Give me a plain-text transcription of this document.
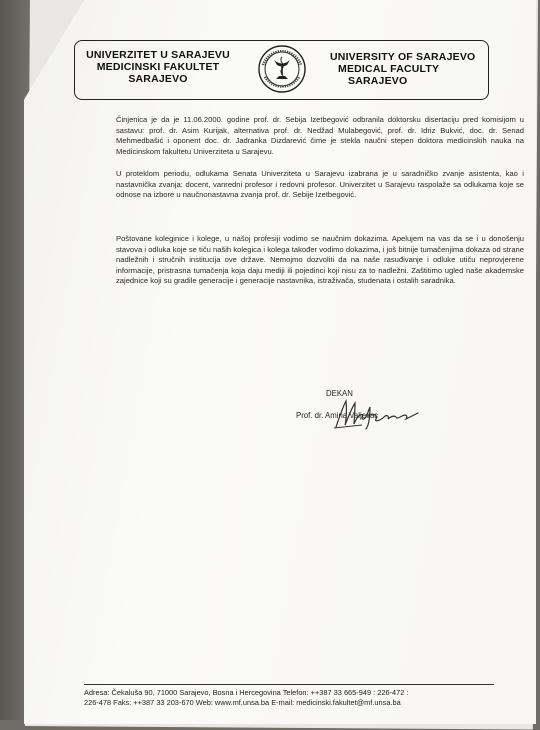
UNIVERZITET U SARAJEVU
MEDICINSKI FAKULTET
SARAJEVO
UNIVERSITY OF SARAJEVO
MEDICAL FACULTY
SARAJEVO
Činjenica je da je 11.06.2000. godine prof. dr. Sebija Izetbegović odbranila doktorsku disertaciju pred komisijom u sastavu: prof. dr. Asim Kurijak, alternativa prof. dr. Nedžad Mulabegović, prof. dr. Idriz Bukvić, doc. dr. Senad Mehmedbašić i oponent doc. dr. Jadranka Dizdarević čime je stekla naučni stepen doktora medicinskih nauka na Medicinskom fakultetu Univerziteta u Sarajevu.
U proteklom periodu, odlukama Senata Univerziteta u Sarajevu izabrana je u saradničko zvanje asistenta, kao i nastavnička zvanja: docent, vanredni profesor i redovni profesor. Univerzitet u Sarajevu raspolaže sa odlukama koje se odnose na izbore u naučnonastavna zvanja prof. dr. Sebije Izetbegović.
Poštovane koleginice i kolege, u našoj profesiji vodimo se naučnim dokazima. Apelujem na vas da se i u donošenju stavova i odluka koje se tiču naših kolegica i kolega također vodimo dokazima, i još bitnije tumačenjima dokaza od strane nadležnih i stručnih institucija ove države. Nemojmo dozvoliti da na naše rasuđivanje i odluke utiču neprovjerene informacije, pristrasna tumačenja koja daju mediji ili pojedinci koji nisu za to nadležni. Zaštitimo ugled naše akademske zajednice koji su gradile generacije i generacije nastavnika, istraživača, studenata i ostalih saradnika.
DEKAN
Prof. dr. Amina Valjevac
Adresa: Čekaluša 90, 71000 Sarajevo, Bosna i Hercegovina Telefon: ++387 33 665-949 : 226-472 :
226-478 Faks: ++387 33 203-670 Web: www.mf.unsa.ba E-mail: medicinski.fakultet@mf.unsa.ba
